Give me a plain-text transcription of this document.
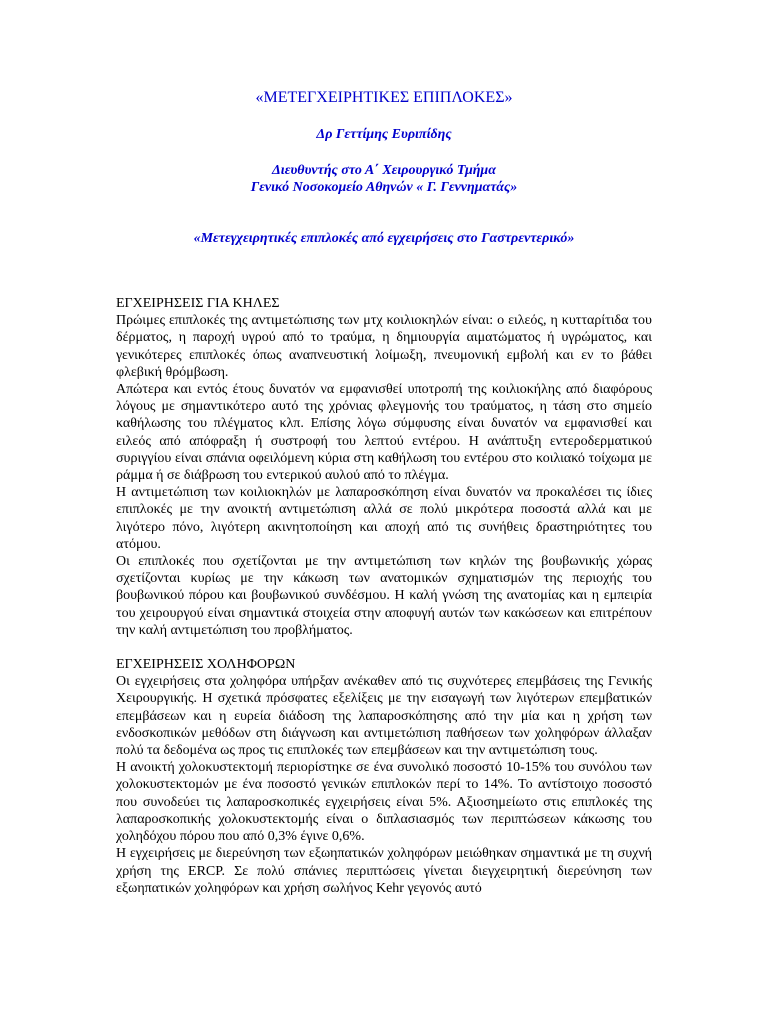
«ΜΕΤΕΓΧΕΙΡΗΤΙΚΕΣ ΕΠΙΠΛΟΚΕΣ»

Δρ Γεττίμης Ευριπίδης

Διευθυντής στο Α΄ Χειρουργικό Τμήμα

Γενικό Νοσοκομείο Αθηνών « Γ. Γεννηματάς»

«Μετεγχειρητικές επιπλοκές από εγχειρήσεις στο Γαστρεντερικό»

ΕΓΧΕΙΡΗΣΕΙΣ ΓΙΑ ΚΗΛΕΣ

Πρώιμες επιπλοκές της αντιμετώπισης των μτχ κοιλιοκηλών είναι: ο ειλεός, η κυτταρίτιδα του δέρματος, η παροχή υγρού από το τραύμα, η δημιουργία αιματώματος ή υγρώματος, και γενικότερες επιπλοκές όπως αναπνευστική λοίμωξη, πνευμονική εμβολή και εν το βάθει φλεβική θρόμβωση.

Απώτερα και εντός έτους δυνατόν να εμφανισθεί υποτροπή της κοιλιοκήλης από διαφόρους λόγους με σημαντικότερο αυτό της χρόνιας φλεγμονής του τραύματος, η τάση στο σημείο καθήλωσης του πλέγματος κλπ. Επίσης λόγω σύμφυσης είναι δυνατόν να εμφανισθεί και ειλεός από απόφραξη ή συστροφή του λεπτού εντέρου. Η ανάπτυξη εντεροδερματικού συριγγίου είναι σπάνια οφειλόμενη κύρια στη καθήλωση του εντέρου στο κοιλιακό τοίχωμα με ράμμα ή σε διάβρωση του εντερικού αυλού από το πλέγμα.

Η αντιμετώπιση των κοιλιοκηλών με λαπαροσκόπηση είναι δυνατόν να προκαλέσει τις ίδιες επιπλοκές με την ανοικτή αντιμετώπιση αλλά σε πολύ μικρότερα ποσοστά αλλά και με λιγότερο πόνο, λιγότερη ακινητοποίηση και αποχή από τις συνήθεις δραστηριότητες του ατόμου.

Οι επιπλοκές που σχετίζονται με την αντιμετώπιση των κηλών της βουβωνικής χώρας σχετίζονται κυρίως με την κάκωση των ανατομικών σχηματισμών της περιοχής του βουβωνικού πόρου και βουβωνικού συνδέσμου. Η καλή γνώση της ανατομίας και η εμπειρία του χειρουργού είναι σημαντικά στοιχεία στην αποφυγή αυτών των κακώσεων και επιτρέπουν την καλή αντιμετώπιση του προβλήματος.

ΕΓΧΕΙΡΗΣΕΙΣ ΧΟΛΗΦΟΡΩΝ

Οι εγχειρήσεις στα χοληφόρα υπήρξαν ανέκαθεν από τις συχνότερες επεμβάσεις της Γενικής Χειρουργικής. Η σχετικά πρόσφατες εξελίξεις με την εισαγωγή των λιγότερων επεμβατικών επεμβάσεων και η ευρεία διάδοση της λαπαροσκόπησης από την μία και η χρήση των ενδοσκοπικών μεθόδων στη διάγνωση και αντιμετώπιση παθήσεων των χοληφόρων άλλαξαν πολύ τα δεδομένα ως προς τις επιπλοκές των επεμβάσεων και την αντιμετώπιση τους.

Η ανοικτή χολοκυστεκτομή περιορίστηκε σε ένα συνολικό ποσοστό 10-15% του συνόλου των χολοκυστεκτομών με ένα ποσοστό γενικών επιπλοκών περί το 14%. Το αντίστοιχο ποσοστό που συνοδεύει τις λαπαροσκοπικές εγχειρήσεις είναι 5%. Αξιοσημείωτο στις επιπλοκές της λαπαροσκοπικής χολοκυστεκτομής είναι ο διπλασιασμός των περιπτώσεων κάκωσης του χοληδόχου πόρου που από 0,3% έγινε 0,6%.

Η εγχειρήσεις με διερεύνηση των εξωηπατικών χοληφόρων μειώθηκαν σημαντικά με τη συχνή χρήση της ERCP. Σε πολύ σπάνιες περιπτώσεις γίνεται διεγχειρητική διερεύνηση των εξωηπατικών χοληφόρων και χρήση σωλήνος Kehr γεγονός αυτό
